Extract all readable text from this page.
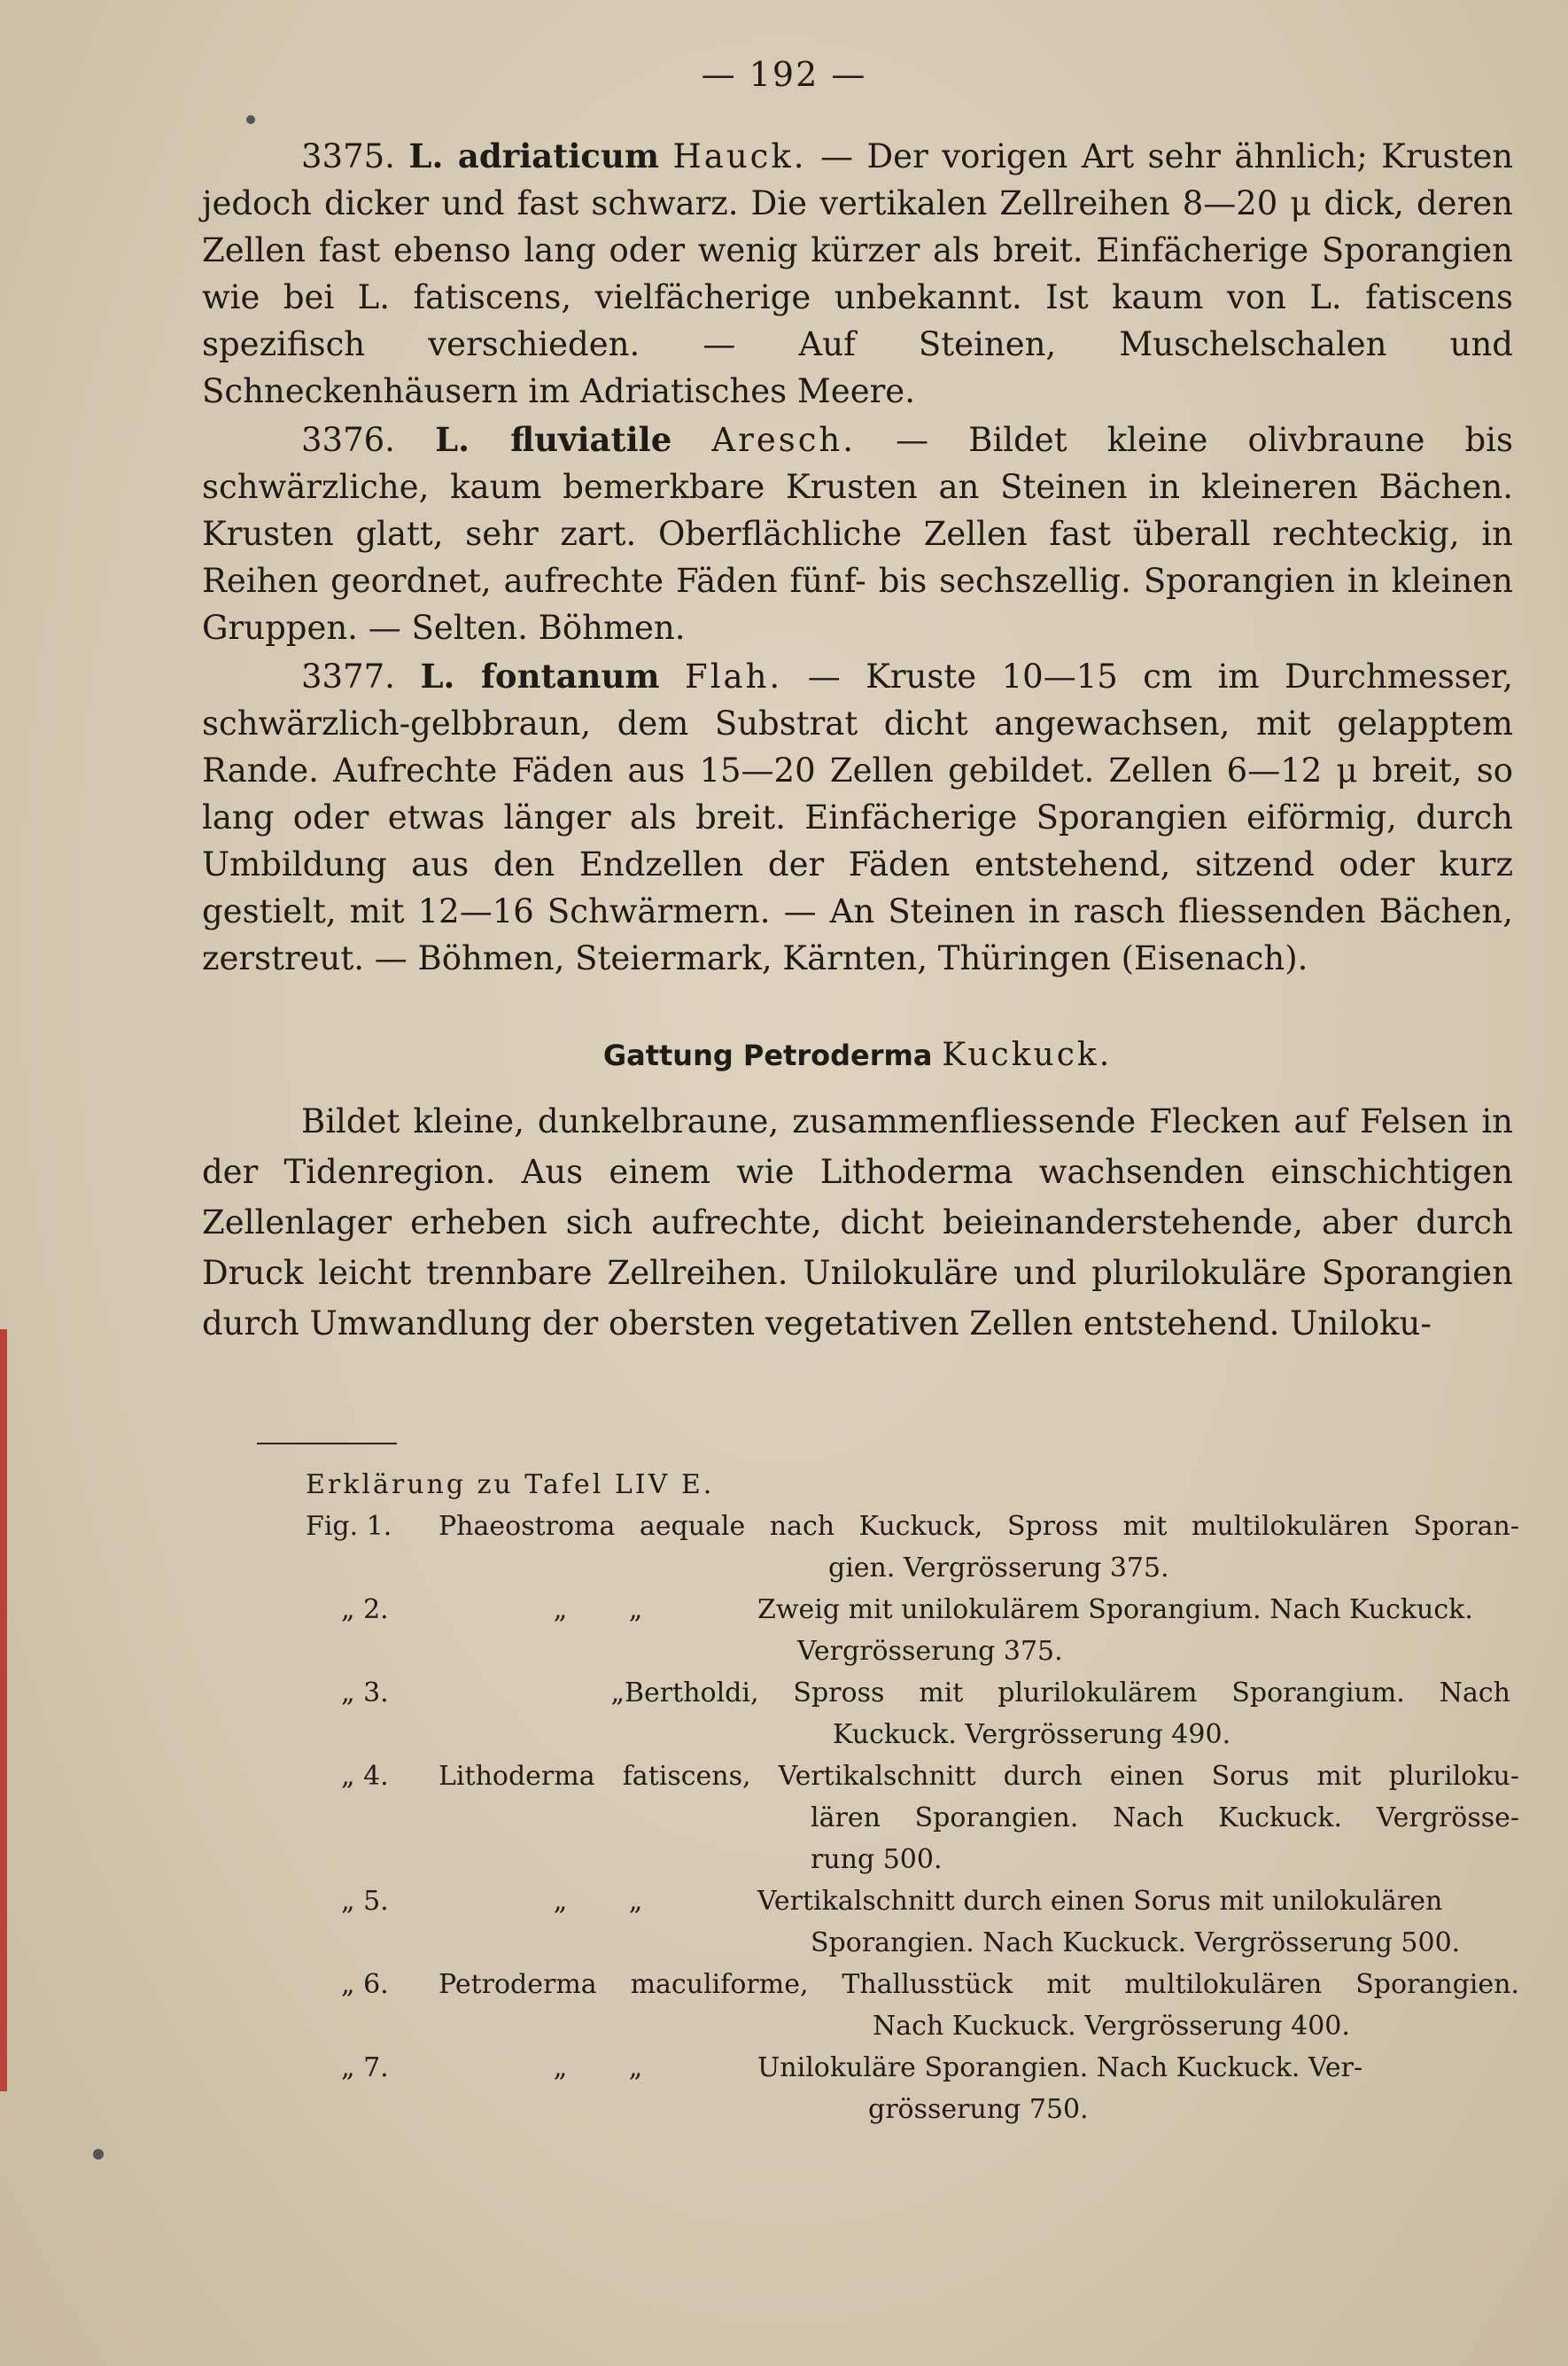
— 192 —

3375. L. adriaticum Hauck. — Der vorigen Art sehr ähnlich; Krusten jedoch dicker und fast schwarz. Die vertikalen Zellreihen 8—20 μ dick, deren Zellen fast ebenso lang oder wenig kürzer als breit. Einfächerige Sporangien wie bei L. fatiscens, vielfächerige unbekannt. Ist kaum von L. fatiscens spezifisch verschieden. — Auf Steinen, Muschelschalen und Schneckenhäusern im Adriatisches Meere.

3376. L. fluviatile Aresch. — Bildet kleine olivbraune bis schwärzliche, kaum bemerkbare Krusten an Steinen in kleineren Bächen. Krusten glatt, sehr zart. Oberflächliche Zellen fast überall rechteckig, in Reihen geordnet, aufrechte Fäden fünf- bis sechszellig. Sporangien in kleinen Gruppen. — Selten. Böhmen.

3377. L. fontanum Flah. — Kruste 10—15 cm im Durchmesser, schwärzlich-gelbbraun, dem Substrat dicht angewachsen, mit gelapptem Rande. Aufrechte Fäden aus 15—20 Zellen gebildet. Zellen 6—12 μ breit, so lang oder etwas länger als breit. Einfächerige Sporangien eiförmig, durch Umbildung aus den Endzellen der Fäden entstehend, sitzend oder kurz gestielt, mit 12—16 Schwärmern. — An Steinen in rasch fliessenden Bächen, zerstreut. — Böhmen, Steiermark, Kärnten, Thüringen (Eisenach).

Gattung Petroderma Kuckuck.

Bildet kleine, dunkelbraune, zusammenfliessende Flecken auf Felsen in der Tidenregion. Aus einem wie Lithoderma wachsenden einschichtigen Zellenlager erheben sich aufrechte, dicht beieinanderstehende, aber durch Druck leicht trennbare Zellreihen. Unilokuläre und plurilokuläre Sporangien durch Umwandlung der obersten vegetativen Zellen entstehend. Uniloku-

Erklärung zu Tafel LIV E.
Fig. 1.	Phaeostroma aequale nach Kuckuck, Spross mit multilokulären Sporan-
gien. Vergrösserung 375.
„ 2.	„ „	Zweig mit unilokulärem Sporangium. Nach Kuckuck.
Vergrösserung 375.
„ 3.	„Bertholdi, Spross mit plurilokulärem Sporangium. Nach
Kuckuck. Vergrösserung 490.
„ 4.	Lithoderma fatiscens, Vertikalschnitt durch einen Sorus mit pluriloku-
lären Sporangien. Nach Kuckuck. Vergrösse-
rung 500.
„ 5.	„ „	Vertikalschnitt durch einen Sorus mit unilokulären
Sporangien. Nach Kuckuck. Vergrösserung 500.
„ 6.	Petroderma maculiforme, Thallusstück mit multilokulären Sporangien.
Nach Kuckuck. Vergrösserung 400.
„ 7.	„ „	Unilokuläre Sporangien. Nach Kuckuck. Ver-
grösserung 750.
